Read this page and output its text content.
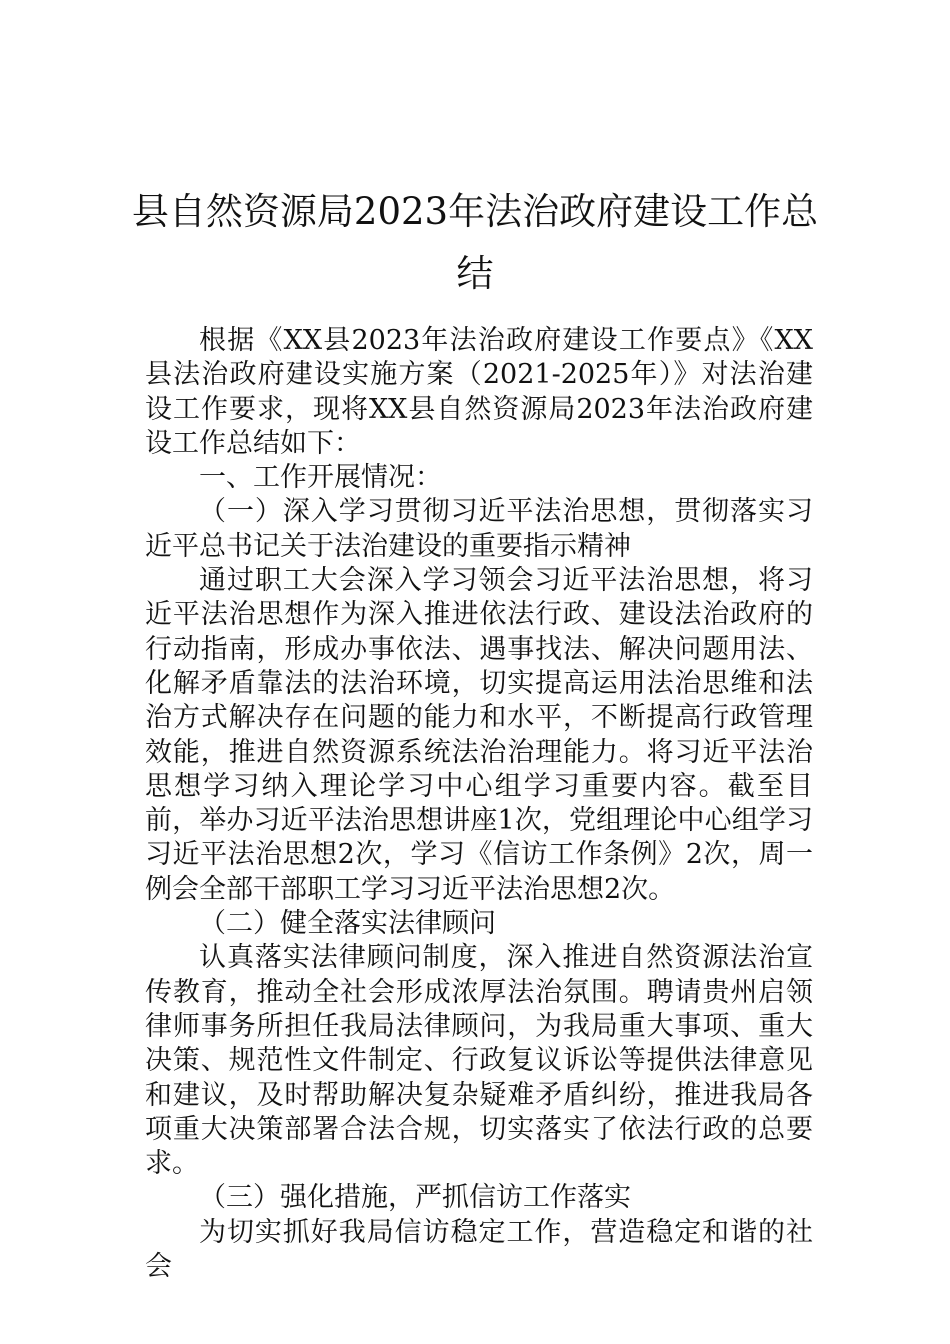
县自然资源局2023年法治政府建设工作总结

根据《XX县2023年法治政府建设工作要点》《XX县法治政府建设实施方案（2021-2025年）》对法治建设工作要求，现将XX县自然资源局2023年法治政府建设工作总结如下：

一、工作开展情况：

（一）深入学习贯彻习近平法治思想，贯彻落实习近平总书记关于法治建设的重要指示精神

通过职工大会深入学习领会习近平法治思想，将习近平法治思想作为深入推进依法行政、建设法治政府的行动指南，形成办事依法、遇事找法、解决问题用法、化解矛盾靠法的法治环境，切实提高运用法治思维和法治方式解决存在问题的能力和水平，不断提高行政管理效能，推进自然资源系统法治治理能力。将习近平法治思想学习纳入理论学习中心组学习重要内容。截至目前，举办习近平法治思想讲座1次，党组理论中心组学习习近平法治思想2次，学习《信访工作条例》2次，周一例会全部干部职工学习习近平法治思想2次。

（二）健全落实法律顾问

认真落实法律顾问制度，深入推进自然资源法治宣传教育，推动全社会形成浓厚法治氛围。聘请贵州启领律师事务所担任我局法律顾问，为我局重大事项、重大决策、规范性文件制定、行政复议诉讼等提供法律意见和建议，及时帮助解决复杂疑难矛盾纠纷，推进我局各项重大决策部署合法合规，切实落实了依法行政的总要求。

（三）强化措施，严抓信访工作落实

为切实抓好我局信访稳定工作，营造稳定和谐的社会
